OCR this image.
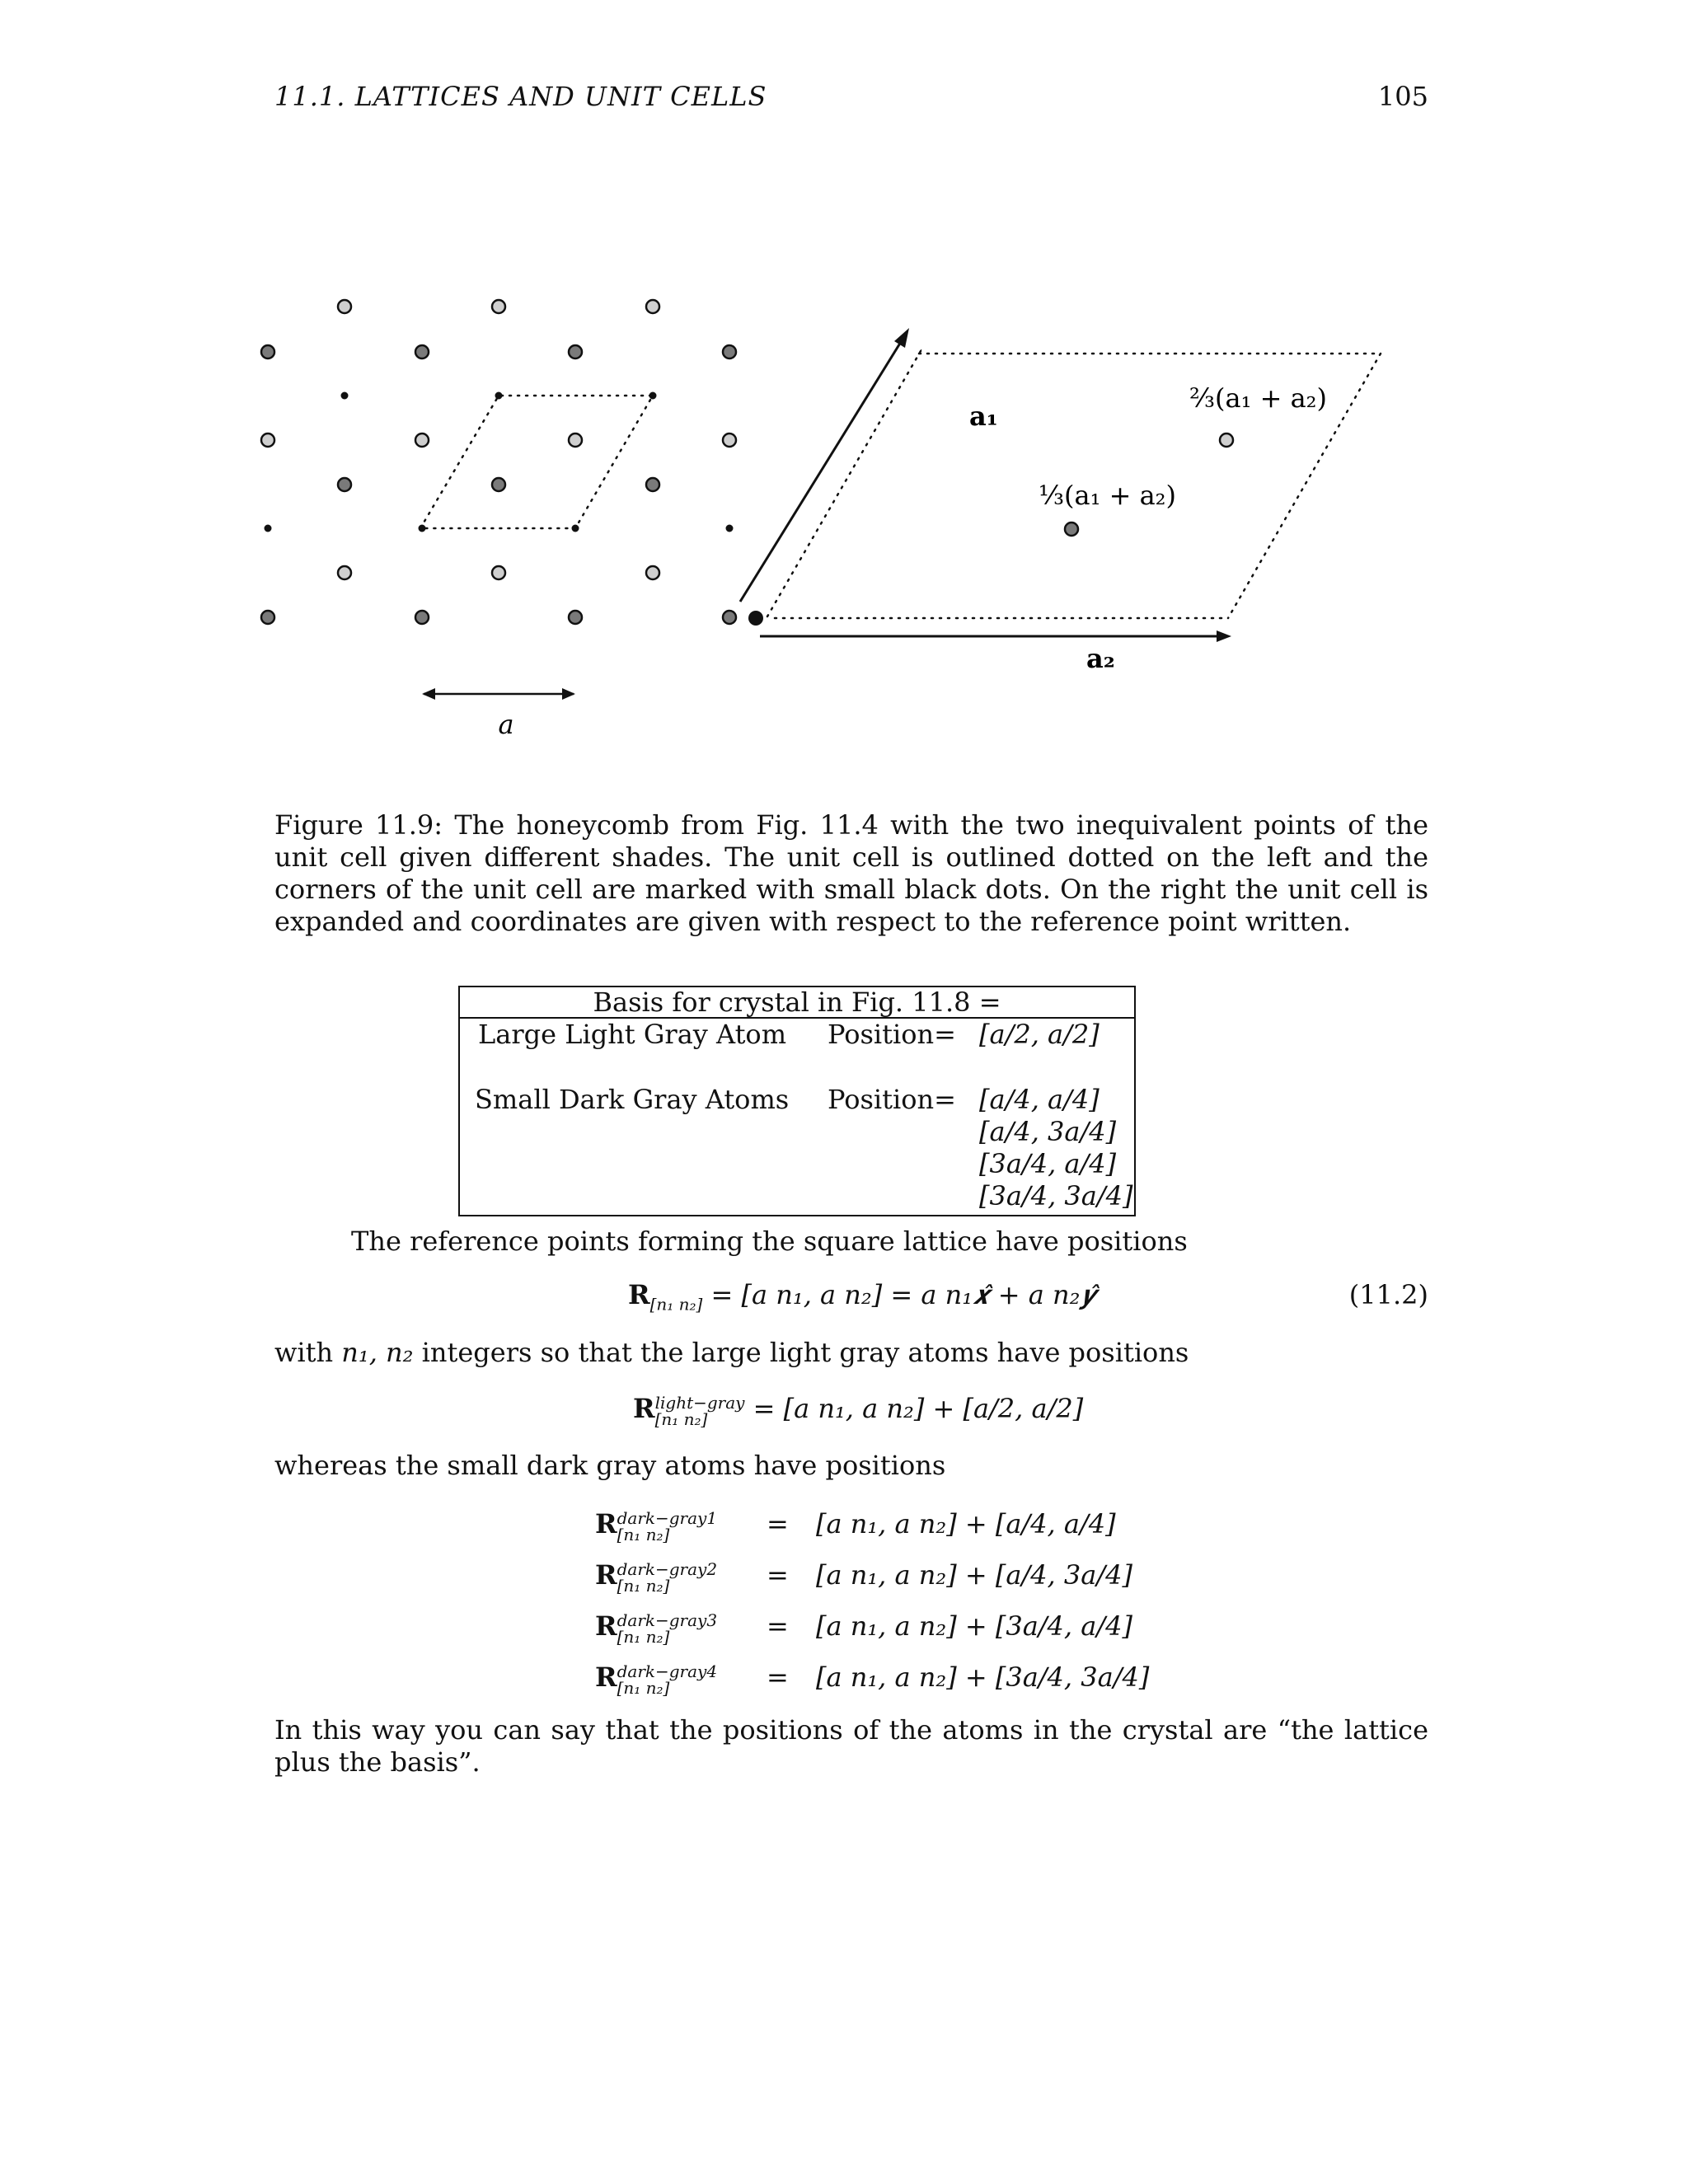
11.1. LATTICES AND UNIT CELLS	105
a
a₁
a₂
⅓(a₁ + a₂)
⅔(a₁ + a₂)
Figure 11.9: The honeycomb from Fig. 11.4 with the two inequivalent points of the unit cell given different shades. The unit cell is outlined dotted on the left and the corners of the unit cell are marked with small black dots. On the right the unit cell is expanded and coordinates are given with respect to the reference point written.
Basis for crystal in Fig. 11.8 =
Large Light Gray Atom Position= [a/2, a/2]
Small Dark Gray Atoms Position= [a/4, a/4]
[a/4, 3a/4]
[3a/4, a/4]
[3a/4, 3a/4]
The reference points forming the square lattice have positions
$R_{[n_1 n_2]} = [a$ n₁, a n₂] = a n₁𝒙̂ + a n₂𝒚̂	(11.2)
with n₁, n₂ integers so that the large light gray atoms have positions
Rlight−gray
[n₁ n₂] = [a n₁, a n₂] + [a/2, a/2]
whereas the small dark gray atoms have positions
Rdark−gray1
[n₁ n₂]	= [a n₁, a n₂] + [a/4, a/4]
Rdark−gray2
[n₁ n₂]	= [a n₁, a n₂] + [a/4, 3a/4]
Rdark−gray3
[n₁ n₂]	= [a n₁, a n₂] + [3a/4, a/4]
Rdark−gray4
[n₁ n₂]	= [a n₁, a n₂] + [3a/4, 3a/4]
In this way you can say that the positions of the atoms in the crystal are “the lattice plus the basis”.
